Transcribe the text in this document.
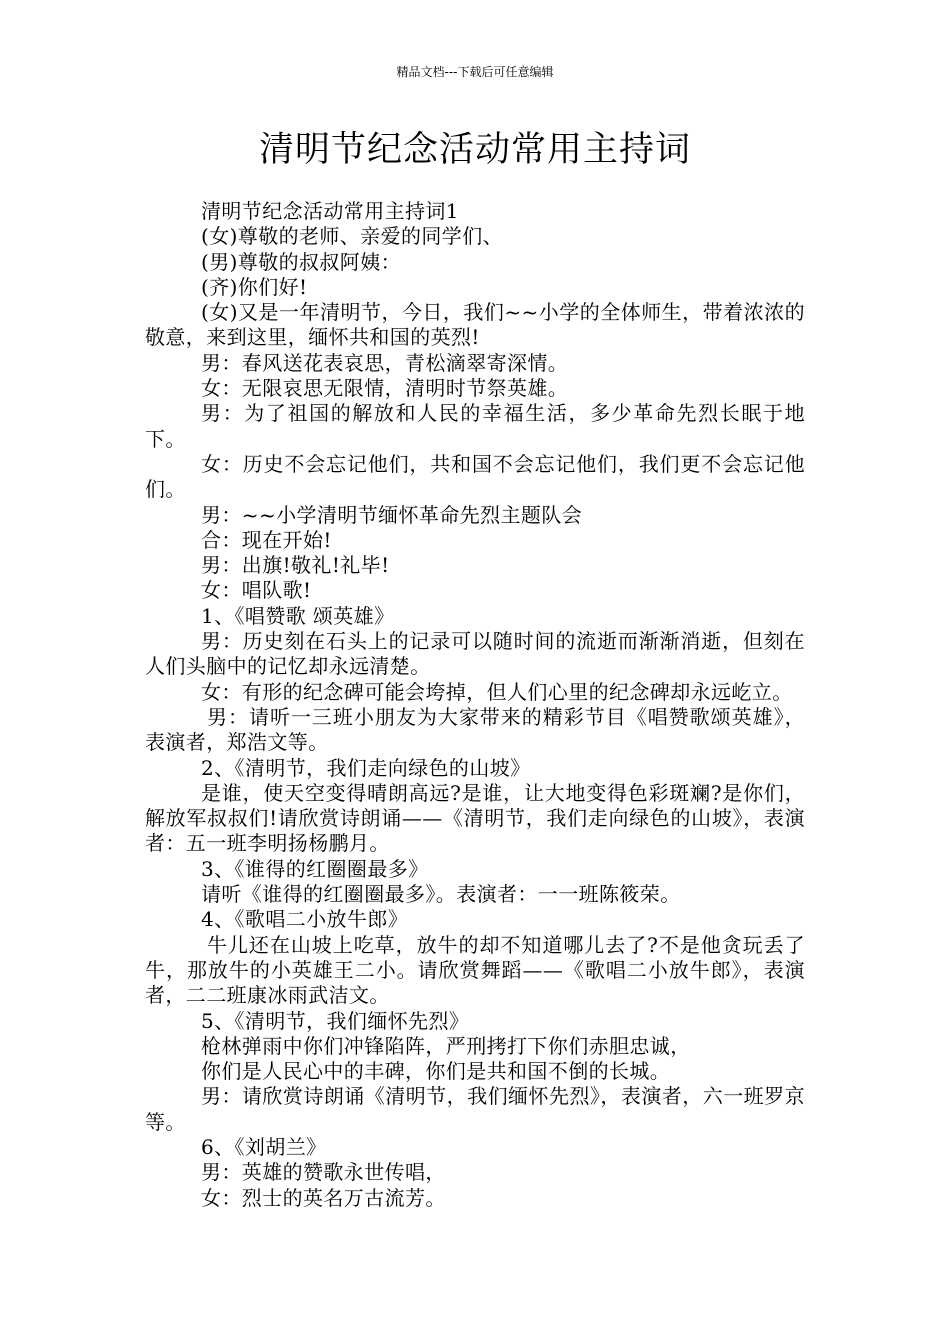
精品文档---下载后可任意编辑
清明节纪念活动常用主持词

清明节纪念活动常用主持词1

(女)尊敬的老师、亲爱的同学们、

(男)尊敬的叔叔阿姨：

(齐)你们好!

(女)又是一年清明节，今日，我们~~小学的全体师生，带着浓浓的敬意，来到这里，缅怀共和国的英烈!

男：春风送花表哀思，青松滴翠寄深情。

女：无限哀思无限情，清明时节祭英雄。

男：为了祖国的解放和人民的幸福生活，多少革命先烈长眠于地下。

女：历史不会忘记他们，共和国不会忘记他们，我们更不会忘记他们。

男：~~小学清明节缅怀革命先烈主题队会

合：现在开始!

男：出旗!敬礼!礼毕!

女：唱队歌!

1、《唱赞歌 颂英雄》

男：历史刻在石头上的记录可以随时间的流逝而渐渐消逝，但刻在人们头脑中的记忆却永远清楚。

女：有形的纪念碑可能会垮掉，但人们心里的纪念碑却永远屹立。

男：请听一三班小朋友为大家带来的精彩节目《唱赞歌颂英雄》，表演者，郑浩文等。

2、《清明节，我们走向绿色的山坡》

是谁，使天空变得晴朗高远?是谁，让大地变得色彩斑斓?是你们，解放军叔叔们!请欣赏诗朗诵——《清明节，我们走向绿色的山坡》，表演者：五一班李明扬杨鹏月。

3、《谁得的红圈圈最多》

请听《谁得的红圈圈最多》。表演者：一一班陈筱荣。

4、《歌唱二小放牛郎》

牛儿还在山坡上吃草，放牛的却不知道哪儿去了?不是他贪玩丢了牛，那放牛的小英雄王二小。请欣赏舞蹈——《歌唱二小放牛郎》，表演者，二二班康冰雨武洁文。

5、《清明节，我们缅怀先烈》

枪林弹雨中你们冲锋陷阵，严刑拷打下你们赤胆忠诚，

你们是人民心中的丰碑，你们是共和国不倒的长城。

男：请欣赏诗朗诵《清明节，我们缅怀先烈》，表演者，六一班罗京等。

6、《刘胡兰》

男：英雄的赞歌永世传唱，

女：烈士的英名万古流芳。
